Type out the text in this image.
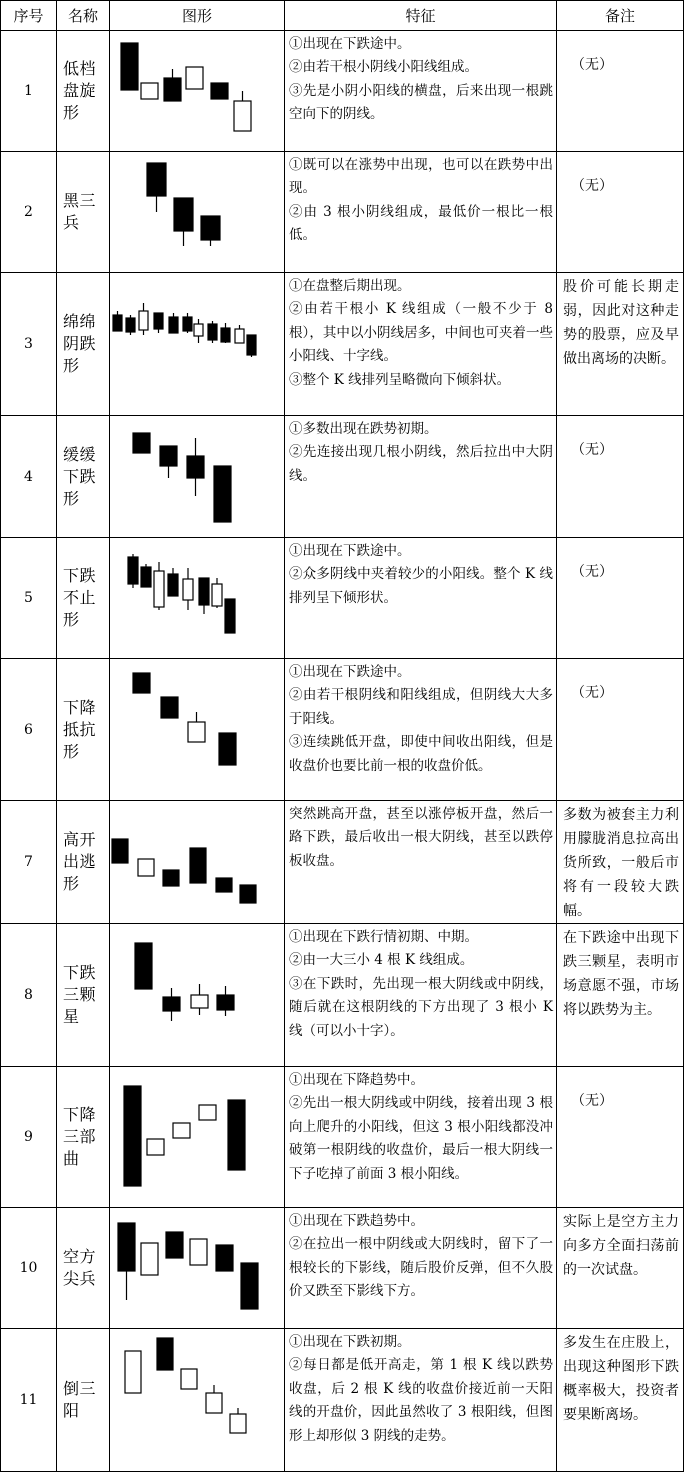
序号	名称	图形	特征	备注
1	低档盘旋形		①出现在下跌途中。
②由若干根小阴线小阳线组成。
③先是小阴小阳线的横盘，后来出现一根跳空向下的阴线。	（无）
2	黑三兵		①既可以在涨势中出现，也可以在跌势中出现。
②由 3 根小阴线组成，最低价一根比一根低。	（无）
3	绵绵阴跌形		①在盘整后期出现。
②由若干根小 K 线组成（一般不少于 8 根），其中以小阴线居多，中间也可夹着一些小阳线、十字线。
③整个 K 线排列呈略微向下倾斜状。	股价可能长期走弱，因此对这种走势的股票，应及早做出离场的决断。
4	缓缓下跌形		①多数出现在跌势初期。
②先连接出现几根小阴线，然后拉出中大阴线。	（无）
5	下跌不止形		①出现在下跌途中。
②众多阴线中夹着较少的小阳线。整个 K 线排列呈下倾形状。	（无）
6	下降抵抗形		①出现在下跌途中。
②由若干根阴线和阳线组成，但阴线大大多于阳线。
③连续跳低开盘，即使中间收出阳线，但是收盘价也要比前一根的收盘价低。	（无）
7	高开出逃形		突然跳高开盘，甚至以涨停板开盘，然后一路下跌，最后收出一根大阴线，甚至以跌停板收盘。	多数为被套主力利用朦胧消息拉高出货所致，一般后市将有一段较大跌幅。
8	下跌三颗星		①出现在下跌行情初期、中期。
②由一大三小 4 根 K 线组成。
③在下跌时，先出现一根大阴线或中阴线，随后就在这根阴线的下方出现了 3 根小 K 线（可以小十字）。	在下跌途中出现下跌三颗星，表明市场意愿不强，市场将以跌势为主。
9	下降三部曲		①出现在下降趋势中。
②先出一根大阴线或中阴线，接着出现 3 根向上爬升的小阳线，但这 3 根小阳线都没冲破第一根阴线的收盘价，最后一根大阴线一下子吃掉了前面 3 根小阳线。	（无）
10	空方尖兵		①出现在下跌趋势中。
②在拉出一根中阴线或大阴线时，留下了一根较长的下影线，随后股价反弹，但不久股价又跌至下影线下方。	实际上是空方主力向多方全面扫荡前的一次试盘。
11	倒三阳		①出现在下跌初期。
②每日都是低开高走，第 1 根 K 线以跌势收盘，后 2 根 K 线的收盘价接近前一天阳线的开盘价，因此虽然收了 3 根阳线，但图形上却形似 3 阴线的走势。	多发生在庄股上，出现这种图形下跌概率极大，投资者要果断离场。
